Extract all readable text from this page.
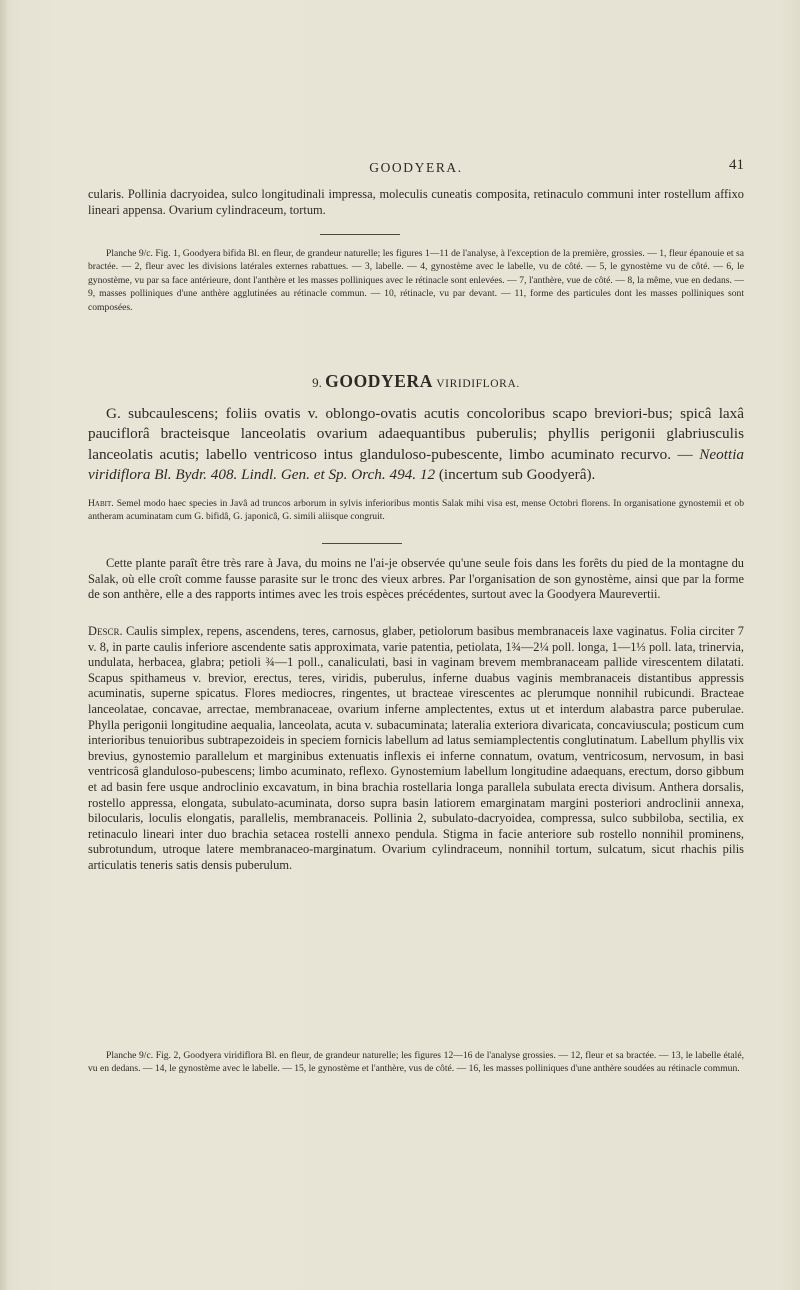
GOODYERA.	41

cularis. Pollinia dacryoidea, sulco longitudinali impressa, moleculis cuneatis composita, retinaculo communi inter rostellum affixo lineari appensa. Ovarium cylindraceum, tortum.

Planche 9/c. Fig. 1, Goodyera bifida Bl. en fleur, de grandeur naturelle; les figures 1—11 de l'analyse, à l'exception de la première, grossies. — 1, fleur épanouie et sa bractée. — 2, fleur avec les divisions latérales externes rabattues. — 3, labelle. — 4, gynostème avec le labelle, vu de côté. — 5, le gynostème vu de côté. — 6, le gynostème, vu par sa face antérieure, dont l'anthère et les masses polliniques avec le rétinacle sont enlevées. — 7, l'anthère, vue de côté. — 8, la même, vue en dedans. — 9, masses polliniques d'une anthère agglutinées au rétinacle commun. — 10, rétinacle, vu par devant. — 11, forme des particules dont les masses polliniques sont composées.

9. GOODYERA VIRIDIFLORA.

G. subcaulescens; foliis ovatis v. oblongo-ovatis acutis concoloribus scapo breviori-bus; spicâ laxâ pauciflorâ bracteisque lanceolatis ovarium adaequantibus puberulis; phyllis perigonii glabriusculis lanceolatis acutis; labello ventricoso intus glanduloso-pubescente, limbo acuminato recurvo. — Neottia viridiflora Bl. Bydr. 408. Lindl. Gen. et Sp. Orch. 494. 12 (incertum sub Goodyerâ).

Habit. Semel modo haec species in Javâ ad truncos arborum in sylvis inferioribus montis Salak mihi visa est, mense Octobri florens. In organisatione gynostemii et ob antheram acuminatam cum G. bifidâ, G. japonicâ, G. simili aliisque congruit.

Cette plante paraît être très rare à Java, du moins ne l'ai-je observée qu'une seule fois dans les forêts du pied de la montagne du Salak, où elle croît comme fausse parasite sur le tronc des vieux arbres. Par l'organisation de son gynostème, ainsi que par la forme de son anthère, elle a des rapports intimes avec les trois espèces précédentes, surtout avec la Goodyera Maurevertii.

Descr. Caulis simplex, repens, ascendens, teres, carnosus, glaber, petiolorum basibus membranaceis laxe vaginatus. Folia circiter 7 v. 8, in parte caulis inferiore ascendente satis approximata, varie patentia, petiolata, 1¾—2¼ poll. longa, 1—1⅓ poll. lata, trinervia, undulata, herbacea, glabra; petioli ¾—1 poll., canaliculati, basi in vaginam brevem membranaceam pallide virescentem dilatati. Scapus spithameus v. brevior, erectus, teres, viridis, puberulus, inferne duabus vaginis membranaceis distantibus appressis acuminatis, superne spicatus. Flores mediocres, ringentes, ut bracteae virescentes ac plerumque nonnihil rubicundi. Bracteae lanceolatae, concavae, arrectae, membranaceae, ovarium inferne amplectentes, extus ut et interdum alabastra parce puberulae. Phylla perigonii longitudine aequalia, lanceolata, acuta v. subacuminata; lateralia exteriora divaricata, concaviuscula; posticum cum interioribus tenuioribus subtrapezoideis in speciem fornicis labellum ad latus semiamplectentis conglutinatum. Labellum phyllis vix brevius, gynostemio parallelum et marginibus extenuatis inflexis ei inferne connatum, ovatum, ventricosum, nervosum, in basi ventricosâ glanduloso-pubescens; limbo acuminato, reflexo. Gynostemium labellum longitudine adaequans, erectum, dorso gibbum et ad basin fere usque androclinio excavatum, in bina brachia rostellaria longa parallela subulata erecta divisum. Anthera dorsalis, rostello appressa, elongata, subulato-acuminata, dorso supra basin latiorem emarginatam margini posteriori androclinii annexa, bilocularis, loculis elongatis, parallelis, membranaceis. Pollinia 2, subulato-dacryoidea, compressa, sulco subbiloba, sectilia, ex retinaculo lineari inter duo brachia setacea rostelli annexo pendula. Stigma in facie anteriore sub rostello nonnihil prominens, subrotundum, utroque latere membranaceo-marginatum. Ovarium cylindraceum, nonnihil tortum, sulcatum, sicut rhachis pilis articulatis teneris satis densis puberulum.

Planche 9/c. Fig. 2, Goodyera viridiflora Bl. en fleur, de grandeur naturelle; les figures 12—16 de l'analyse grossies. — 12, fleur et sa bractée. — 13, le labelle étalé, vu en dedans. — 14, le gynostème avec le labelle. — 15, le gynostème et l'anthère, vus de côté. — 16, les masses polliniques d'une anthère soudées au rétinacle commun.
